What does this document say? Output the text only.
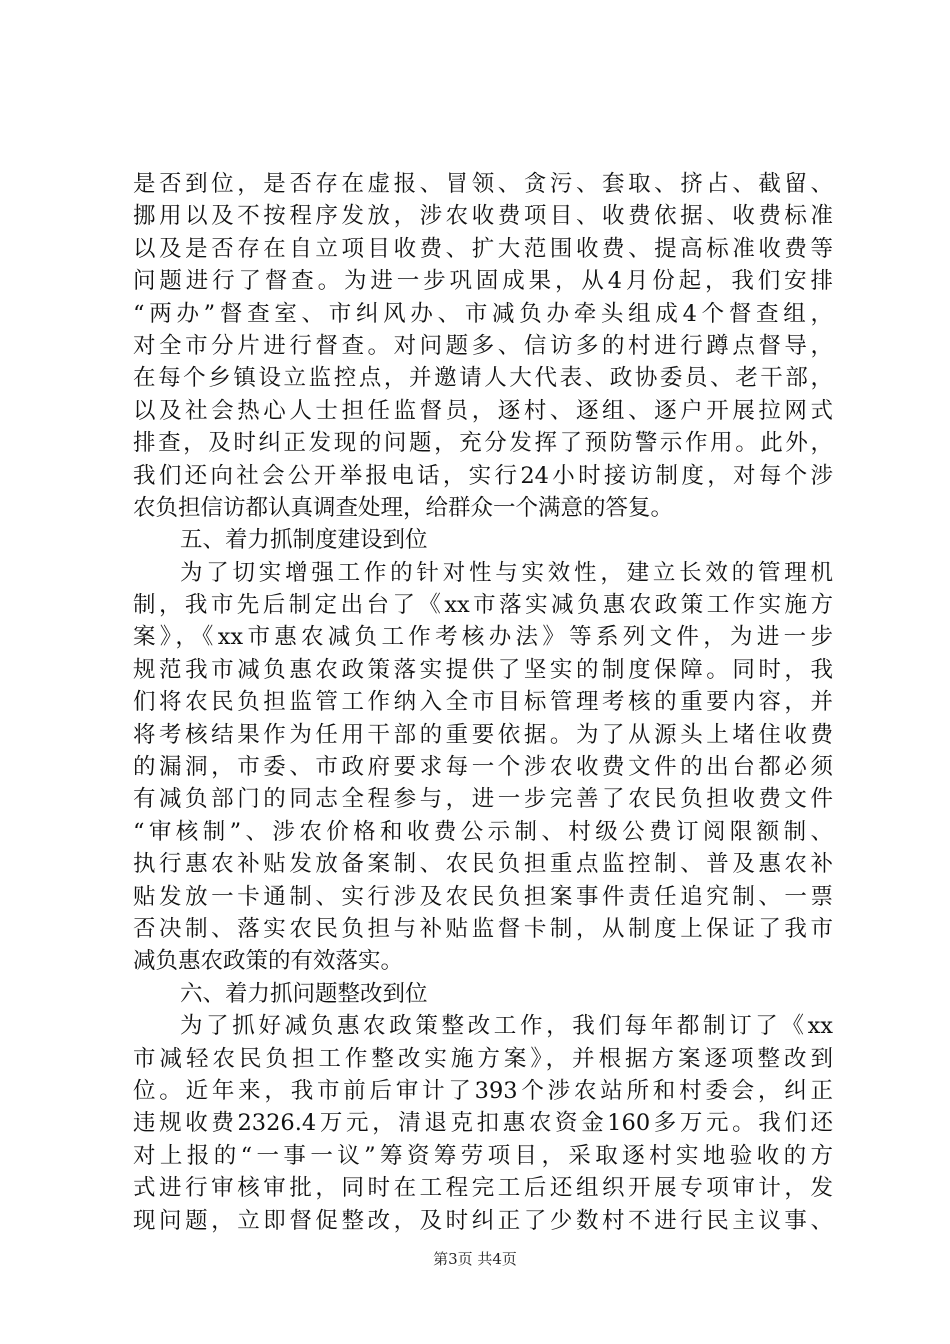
是否到位，是否存在虚报、冒领、贪污、套取、挤占、截留、
挪用以及不按程序发放，涉农收费项目、收费依据、收费标准
以及是否存在自立项目收费、扩大范围收费、提高标准收费等
问题进行了督查。为进一步巩固成果，从4月份起，我们安排
“两办”督查室、市纠风办、市减负办牵头组成4个督查组，
对全市分片进行督查。对问题多、信访多的村进行蹲点督导，
在每个乡镇设立监控点，并邀请人大代表、政协委员、老干部，
以及社会热心人士担任监督员，逐村、逐组、逐户开展拉网式
排查，及时纠正发现的问题，充分发挥了预防警示作用。此外，
我们还向社会公开举报电话，实行24小时接访制度，对每个涉
农负担信访都认真调查处理，给群众一个满意的答复。
五、着力抓制度建设到位
为了切实增强工作的针对性与实效性，建立长效的管理机
制，我市先后制定出台了《xx市落实减负惠农政策工作实施方
案》，《xx市惠农减负工作考核办法》等系列文件，为进一步
规范我市减负惠农政策落实提供了坚实的制度保障。同时，我
们将农民负担监管工作纳入全市目标管理考核的重要内容，并
将考核结果作为任用干部的重要依据。为了从源头上堵住收费
的漏洞，市委、市政府要求每一个涉农收费文件的出台都必须
有减负部门的同志全程参与，进一步完善了农民负担收费文件
“审核制”、涉农价格和收费公示制、村级公费订阅限额制、
执行惠农补贴发放备案制、农民负担重点监控制、普及惠农补
贴发放一卡通制、实行涉及农民负担案事件责任追究制、一票
否决制、落实农民负担与补贴监督卡制，从制度上保证了我市
减负惠农政策的有效落实。
六、着力抓问题整改到位
为了抓好减负惠农政策整改工作，我们每年都制订了《xx
市减轻农民负担工作整改实施方案》，并根据方案逐项整改到
位。近年来，我市前后审计了393个涉农站所和村委会，纠正
违规收费2326.4万元，清退克扣惠农资金160多万元。我们还
对上报的“一事一议”筹资筹劳项目，采取逐村实地验收的方
式进行审核审批，同时在工程完工后还组织开展专项审计，发
现问题，立即督促整改，及时纠正了少数村不进行民主议事、
第3页 共4页
